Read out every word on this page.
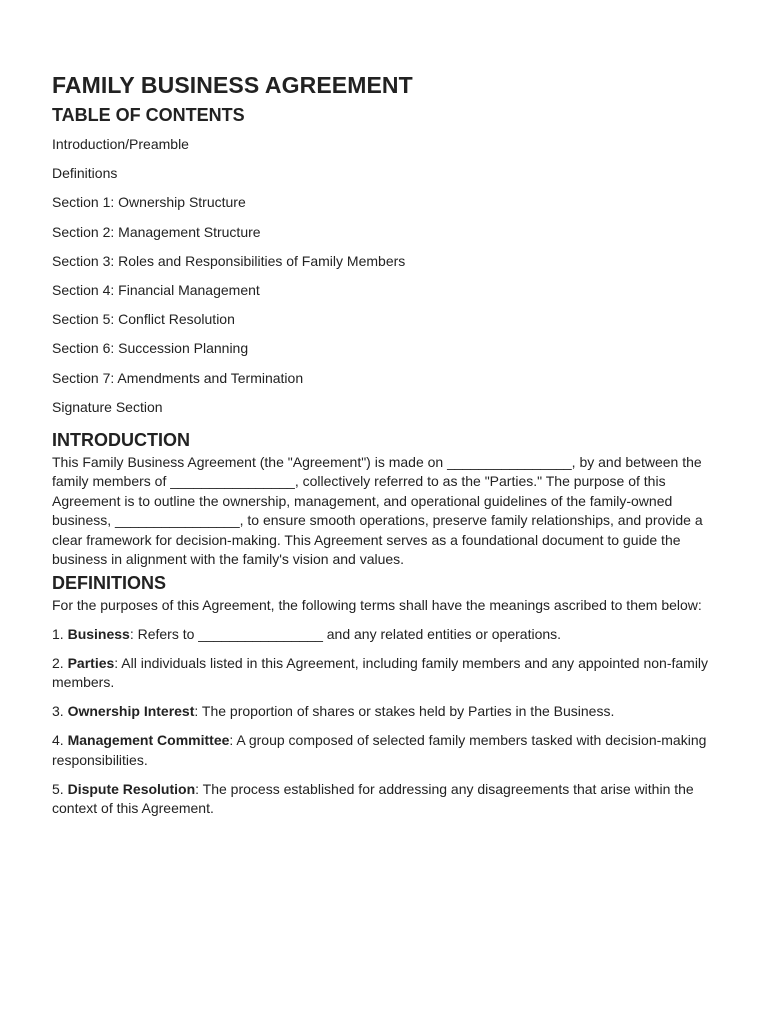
FAMILY BUSINESS AGREEMENT
TABLE OF CONTENTS
Introduction/Preamble
Definitions
Section 1: Ownership Structure
Section 2: Management Structure
Section 3: Roles and Responsibilities of Family Members
Section 4: Financial Management
Section 5: Conflict Resolution
Section 6: Succession Planning
Section 7: Amendments and Termination
Signature Section
INTRODUCTION

This Family Business Agreement (the "Agreement") is made on ________________, by and between the family members of ________________, collectively referred to as the "Parties." The purpose of this Agreement is to outline the ownership, management, and operational guidelines of the family-owned business, ________________, to ensure smooth operations, preserve family relationships, and provide a clear framework for decision-making. This Agreement serves as a foundational document to guide the business in alignment with the family's vision and values.

DEFINITIONS

For the purposes of this Agreement, the following terms shall have the meanings ascribed to them below:

1. Business: Refers to ________________ and any related entities or operations.

2. Parties: All individuals listed in this Agreement, including family members and any appointed non-family members.

3. Ownership Interest: The proportion of shares or stakes held by Parties in the Business.

4. Management Committee: A group composed of selected family members tasked with decision-making responsibilities.

5. Dispute Resolution: The process established for addressing any disagreements that arise within the context of this Agreement.
